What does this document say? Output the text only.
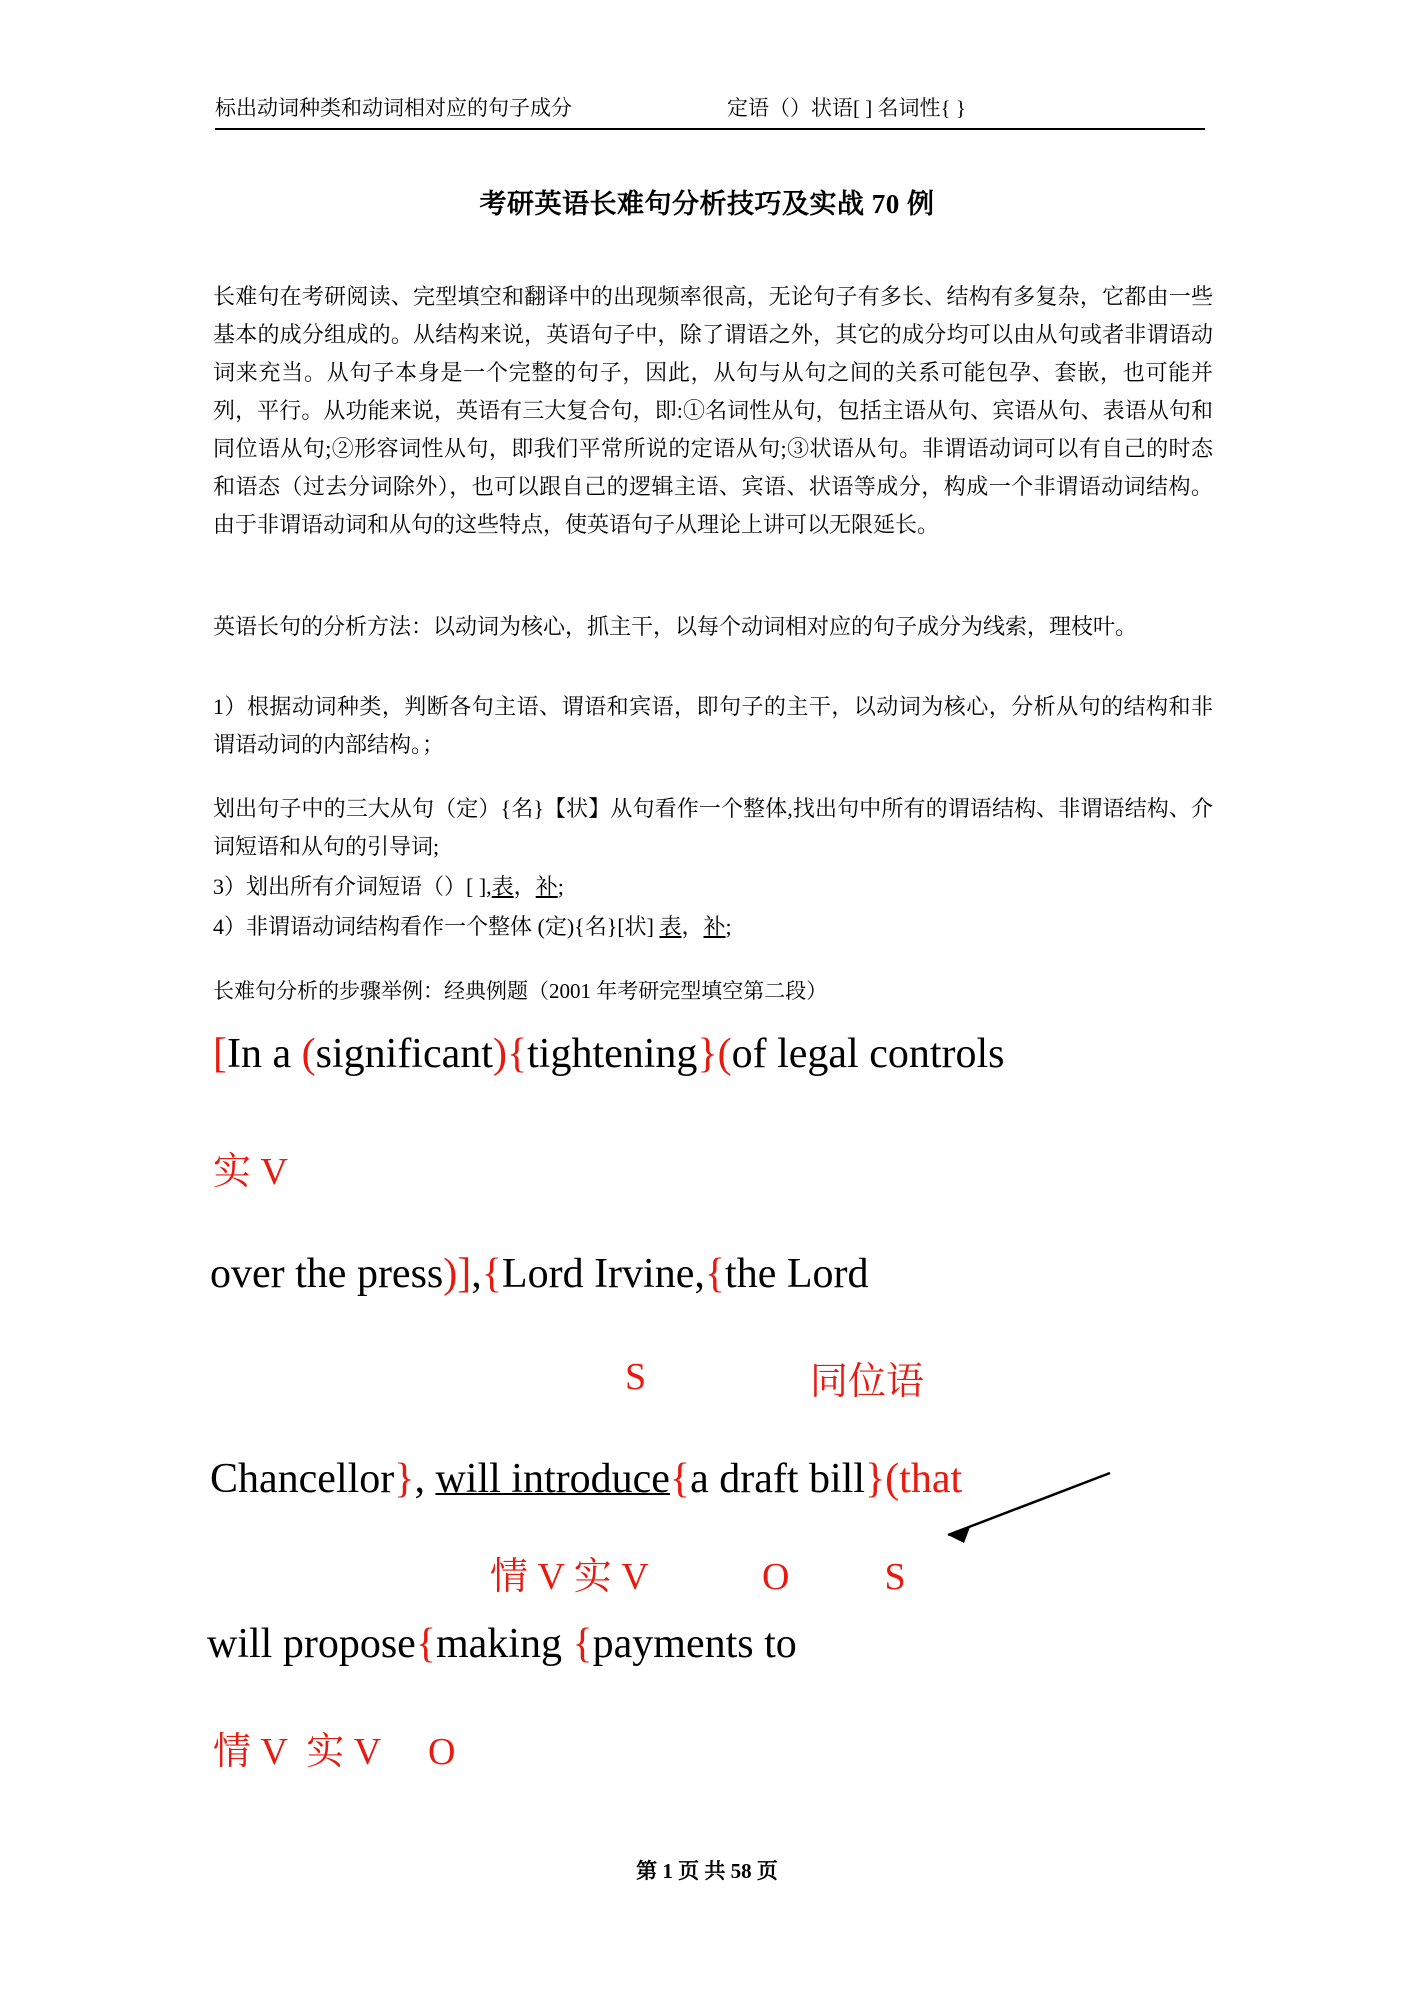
标出动词种类和动词相对应的句子成分	定语（）状语[ ] 名词性{ }
考研英语长难句分析技巧及实战 70 例
长难句在考研阅读、完型填空和翻译中的出现频率很高，无论句子有多长、结构有多复杂，它都由一些基本的成分组成的。从结构来说，英语句子中，除了谓语之外，其它的成分均可以由从句或者非谓语动词来充当。从句子本身是一个完整的句子，因此，从句与从句之间的关系可能包孕、套嵌，也可能并列，平行。从功能来说，英语有三大复合句，即:①名词性从句，包括主语从句、宾语从句、表语从句和同位语从句;②形容词性从句，即我们平常所说的定语从句;③状语从句。非谓语动词可以有自己的时态和语态（过去分词除外），也可以跟自己的逻辑主语、宾语、状语等成分，构成一个非谓语动词结构。由于非谓语动词和从句的这些特点，使英语句子从理论上讲可以无限延长。
英语长句的分析方法：以动词为核心，抓主干，以每个动词相对应的句子成分为线索，理枝叶。
1）根据动词种类，判断各句主语、谓语和宾语，即句子的主干，以动词为核心，分析从句的结构和非谓语动词的内部结构。；
划出句子中的三大从句（定）{名}【状】从句看作一个整体,找出句中所有的谓语结构、非谓语结构、介词短语和从句的引导词;
3）划出所有介词短语（）[ ],表，补;
4）非谓语动词结构看作一个整体 (定){名}[状] 表，补;
长难句分析的步骤举例：经典例题（2001 年考研完型填空第二段）
[In a (significant){tightening}(of legal controls
实 V
over the press)],{Lord Irvine,{the Lord
S	同位语
Chancellor}, will introduce{a draft bill}(that
情 V 实 V            O          S
will propose{making {payments to
情 V  实 V     O
第 1 页 共 58 页
